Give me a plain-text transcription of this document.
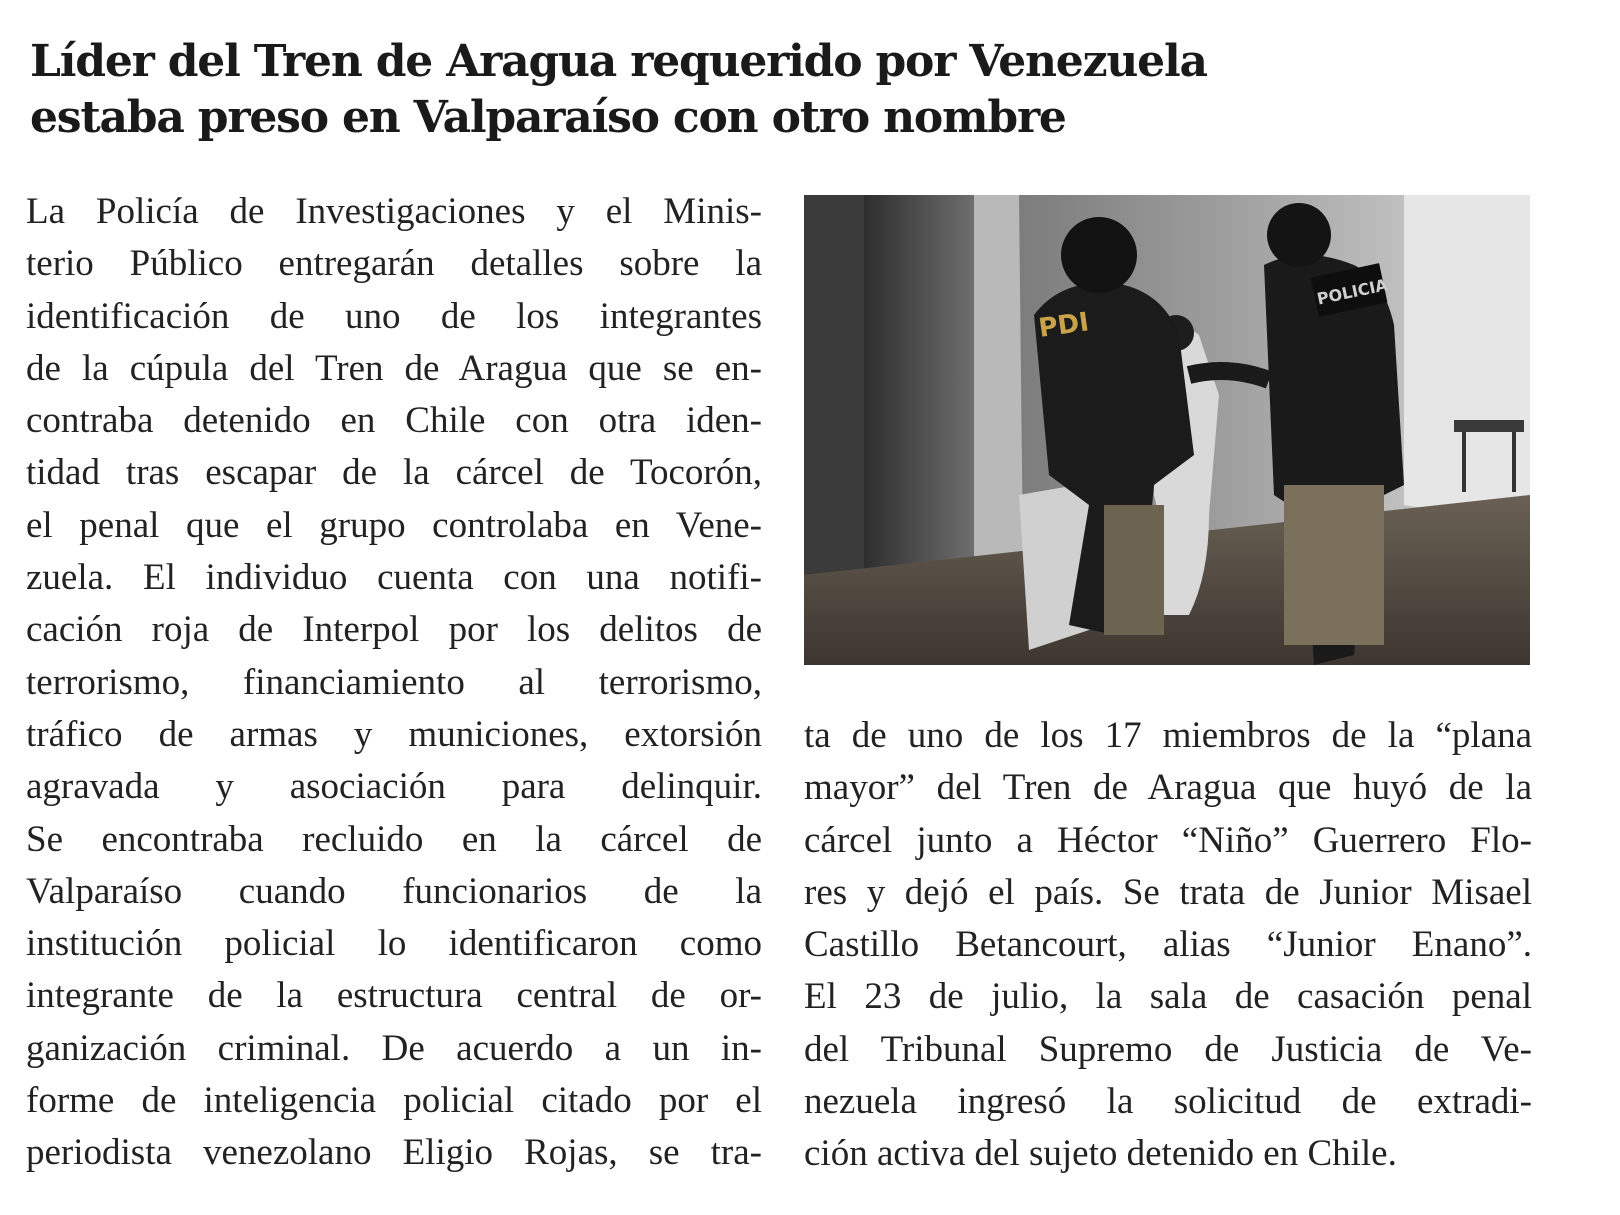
Líder del Tren de Aragua requerido por Venezuela
estaba preso en Valparaíso con otro nombre
La Policía de Investigaciones y el Minis-
terio Público entregarán detalles sobre la
identificación de uno de los integrantes
de la cúpula del Tren de Aragua que se en-
contraba detenido en Chile con otra iden-
tidad tras escapar de la cárcel de Tocorón,
el penal que el grupo controlaba en Vene-
zuela. El individuo cuenta con una notifi-
cación roja de Interpol por los delitos de
terrorismo, financiamiento al terrorismo,
tráfico de armas y municiones, extorsión
agravada y asociación para delinquir.
Se encontraba recluido en la cárcel de
Valparaíso cuando funcionarios de la
institución policial lo identificaron como
integrante de la estructura central de or-
ganización criminal. De acuerdo a un in-
forme de inteligencia policial citado por el
periodista venezolano Eligio Rojas, se tra-
PDI
POLICIA
ta de uno de los 17 miembros de la “plana
mayor” del Tren de Aragua que huyó de la
cárcel junto a Héctor “Niño” Guerrero Flo-
res y dejó el país. Se trata de Junior Misael
Castillo Betancourt, alias “Junior Enano”.
El 23 de julio, la sala de casación penal
del Tribunal Supremo de Justicia de Ve-
nezuela ingresó la solicitud de extradi-
ción activa del sujeto detenido en Chile.
